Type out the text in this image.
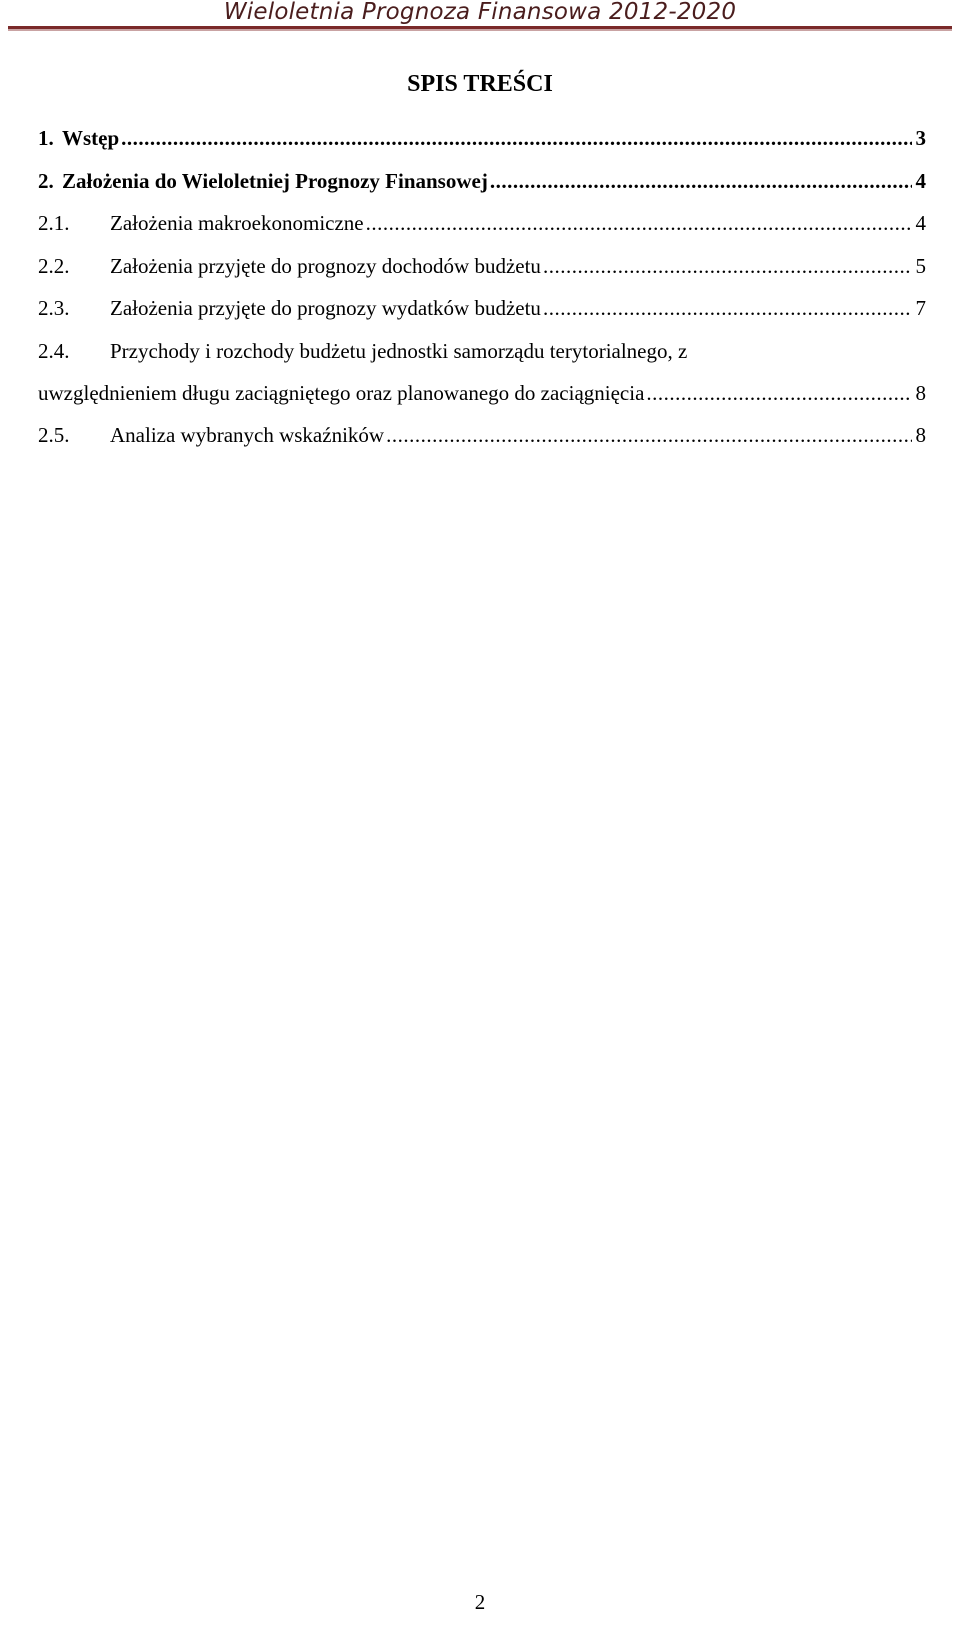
Wieloletnia Prognoza Finansowa 2012-2020
SPIS TREŚCI
1. Wstęp .....	3
2. Założenia do Wieloletniej Prognozy Finansowej .....	4
2.1. Założenia makroekonomiczne .....	4
2.2. Założenia przyjęte do prognozy dochodów budżetu .....	5
2.3. Założenia przyjęte do prognozy wydatków budżetu .....	7
2.4. Przychody i rozchody budżetu jednostki samorządu terytorialnego, z
uwzględnieniem długu zaciągniętego oraz planowanego do zaciągnięcia .....	8
2.5. Analiza wybranych wskaźników .....	8
2
